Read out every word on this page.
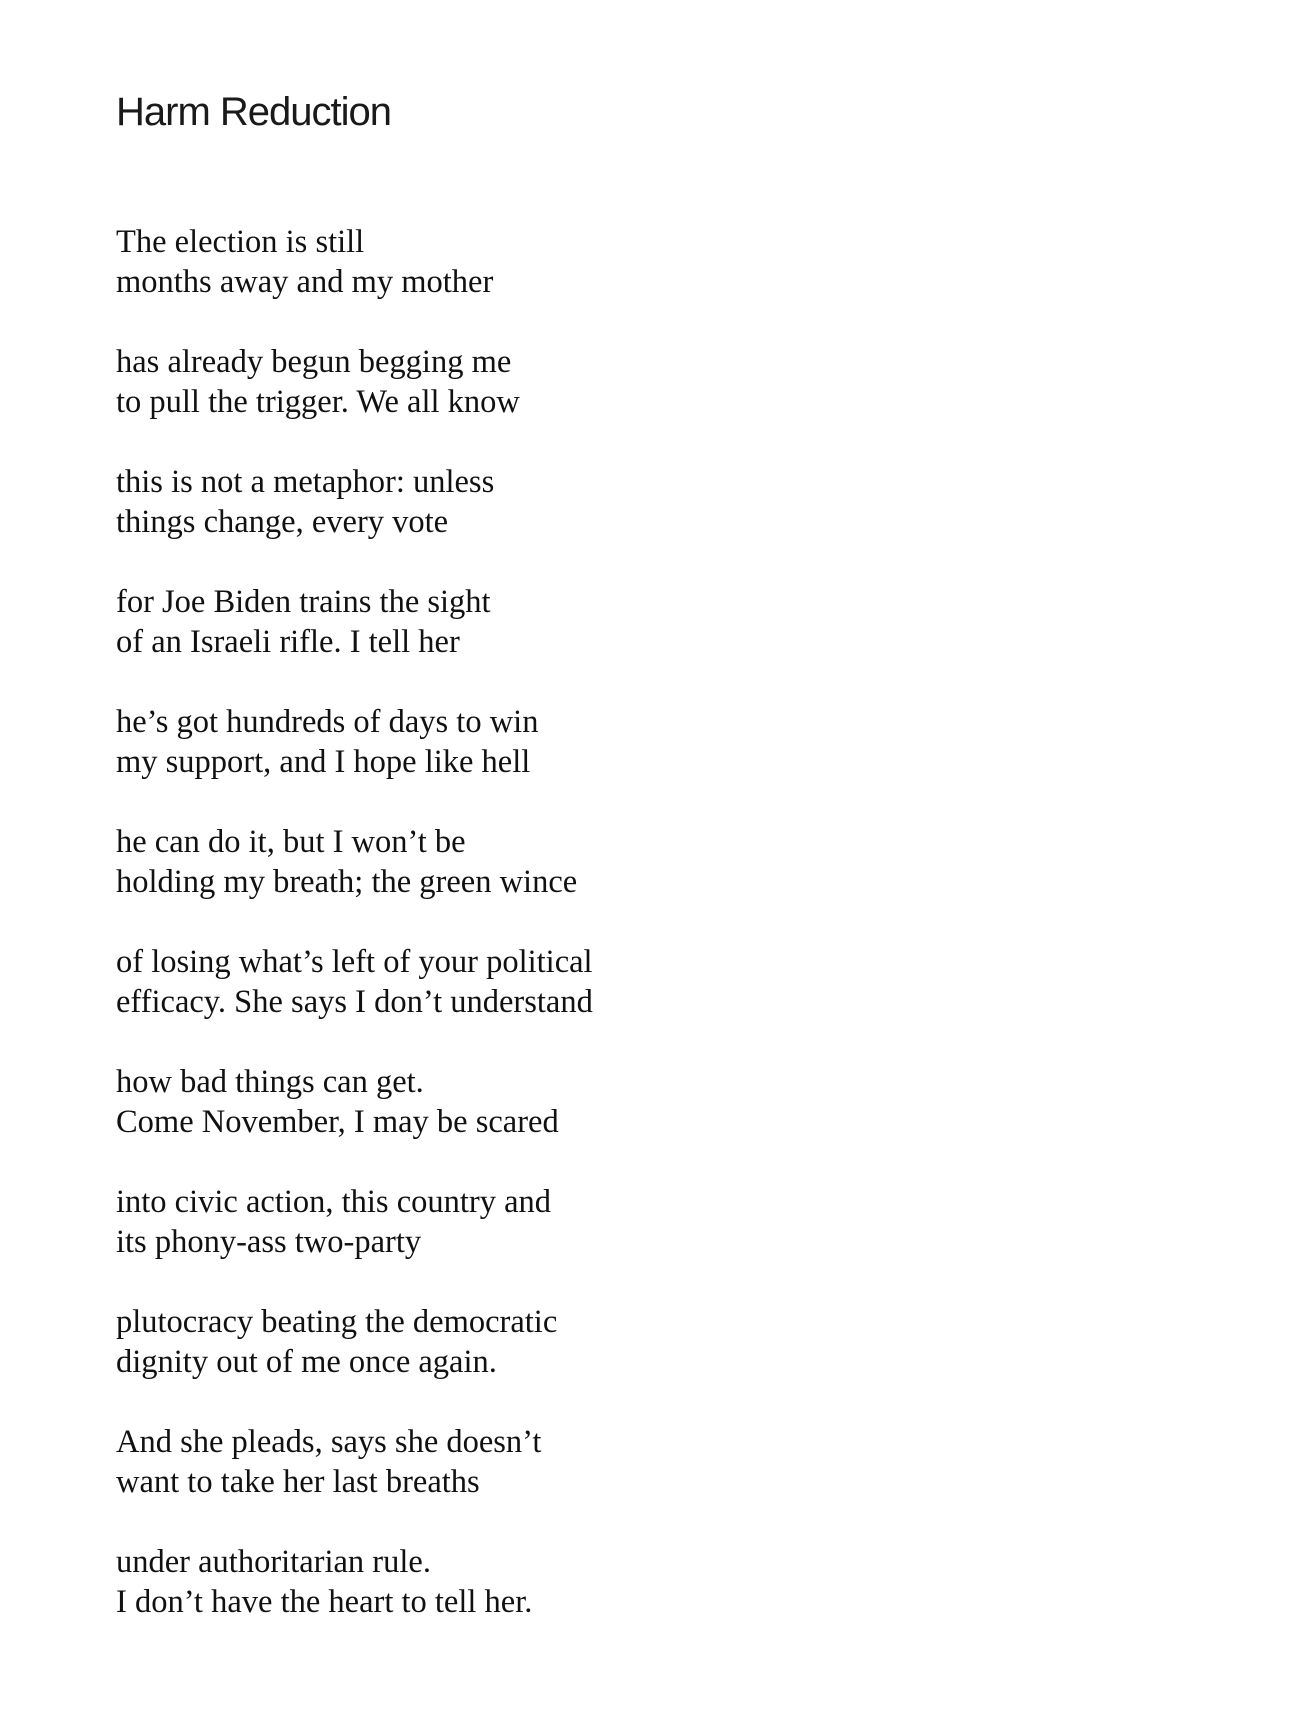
Harm Reduction
The election is still
months away and my mother
has already begun begging me
to pull the trigger. We all know
this is not a metaphor: unless
things change, every vote
for Joe Biden trains the sight
of an Israeli rifle. I tell her
he’s got hundreds of days to win
my support, and I hope like hell
he can do it, but I won’t be
holding my breath; the green wince
of losing what’s left of your political
efficacy. She says I don’t understand
how bad things can get.
Come November, I may be scared
into civic action, this country and
its phony-ass two-party
plutocracy beating the democratic
dignity out of me once again.
And she pleads, says she doesn’t
want to take her last breaths
under authoritarian rule.
I don’t have the heart to tell her.
